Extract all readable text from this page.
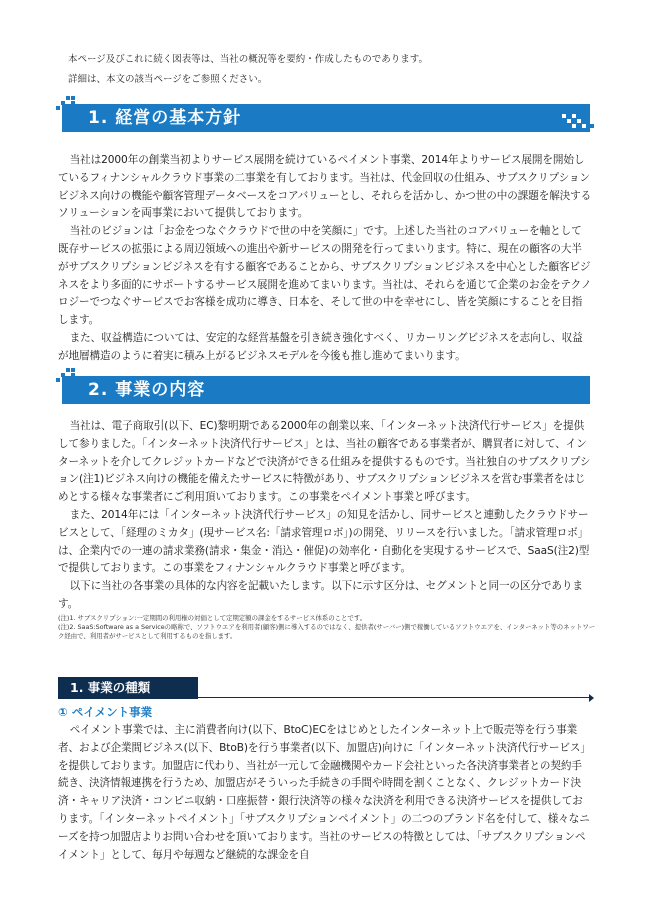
本ページ及びこれに続く図表等は、当社の概況等を要約・作成したものであります。

詳細は、本文の該当ページをご参照ください。

1. 経営の基本方針

当社は2000年の創業当初よりサービス展開を続けているペイメント事業、2014年よりサービス展開を開始しているフィナンシャルクラウド事業の二事業を有しております。当社は、代金回収の仕組み、サブスクリプションビジネス向けの機能や顧客管理データベースをコアバリューとし、それらを活かし、かつ世の中の課題を解決するソリューションを両事業において提供しております。

当社のビジョンは「お金をつなぐクラウドで世の中を笑顔に」です。上述した当社のコアバリューを軸として既存サービスの拡張による周辺領域への進出や新サービスの開発を行ってまいります。特に、現在の顧客の大半がサブスクリプションビジネスを有する顧客であることから、サブスクリプションビジネスを中心とした顧客ビジネスをより多面的にサポートするサービス展開を進めてまいります。当社は、それらを通じて企業のお金をテクノロジーでつなぐサービスでお客様を成功に導き、日本を、そして世の中を幸せにし、皆を笑顔にすることを目指します。

また、収益構造については、安定的な経営基盤を引き続き強化すべく、リカーリングビジネスを志向し、収益が地層構造のように着実に積み上がるビジネスモデルを今後も推し進めてまいります。

2. 事業の内容

当社は、電子商取引(以下、EC)黎明期である2000年の創業以来、「インターネット決済代行サービス」を提供して参りました。「インターネット決済代行サービス」とは、当社の顧客である事業者が、購買者に対して、インターネットを介してクレジットカードなどで決済ができる仕組みを提供するものです。当社独自のサブスクリプション(注1)ビジネス向けの機能を備えたサービスに特徴があり、サブスクリプションビジネスを営む事業者をはじめとする様々な事業者にご利用頂いております。この事業をペイメント事業と呼びます。

また、2014年には「インターネット決済代行サービス」の知見を活かし、同サービスと連動したクラウドサービスとして、「経理のミカタ」(現サービス名:「請求管理ロボ」)の開発、リリースを行いました。「請求管理ロボ」は、企業内での一連の請求業務(請求・集金・消込・催促)の効率化・自動化を実現するサービスで、SaaS(注2)型で提供しております。この事業をフィナンシャルクラウド事業と呼びます。

以下に当社の各事業の具体的な内容を記載いたします。以下に示す区分は、セグメントと同一の区分であります。

(注)1. サブスクリプション:一定期間の利用権の対価として定期定額の課金をするサービス体系のことです。

(注)2. SaaS:Software as a Serviceの略称で、ソフトウエアを利用者(顧客)側に導入するのではなく、提供者(サーバー)側で稼働しているソフトウエアを、インターネット等のネットワーク経由で、利用者がサービスとして利用するものを指します。

1. 事業の種類
① ペイメント事業

ペイメント事業では、主に消費者向け(以下、BtoC)ECをはじめとしたインターネット上で販売等を行う事業者、および企業間ビジネス(以下、BtoB)を行う事業者(以下、加盟店)向けに「インターネット決済代行サービス」を提供しております。加盟店に代わり、当社が一元して金融機関やカード会社といった各決済事業者との契約手続き、決済情報連携を行うため、加盟店がそういった手続きの手間や時間を割くことなく、クレジットカード決済・キャリア決済・コンビニ収納・口座振替・銀行決済等の様々な決済を利用できる決済サービスを提供しております。「インターネットペイメント」「サブスクリプションペイメント」の二つのブランド名を付して、様々なニーズを持つ加盟店よりお問い合わせを頂いております。当社のサービスの特徴としては、「サブスクリプションペイメント」として、毎月や毎週など継続的な課金を自
